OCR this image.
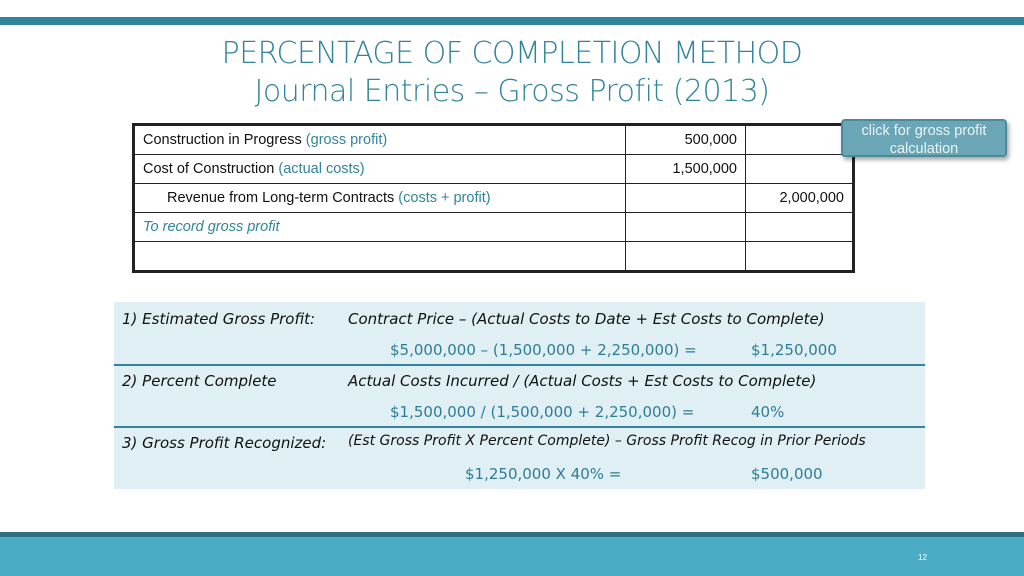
PERCENTAGE OF COMPLETION METHOD
Journal Entries – Gross Profit (2013)
Construction in Progress (gross profit)	500,000	
Cost of Construction (actual costs)	1,500,000	
Revenue from Long-term Contracts (costs + profit)		2,000,000
To record gross profit		

click for gross profit
calculation
1) Estimated Gross Profit: Contract Price – (Actual Costs to Date + Est Costs to Complete)
$5,000,000 – (1,500,000 + 2,250,000) =	$1,250,000
2) Percent Complete	Actual Costs Incurred / (Actual Costs + Est Costs to Complete)
$1,500,000 / (1,500,000 + 2,250,000) =	40%
3) Gross Profit Recognized: (Est Gross Profit X Percent Complete) – Gross Profit Recog in Prior Periods
$1,250,000 X 40% =	$500,000
12
